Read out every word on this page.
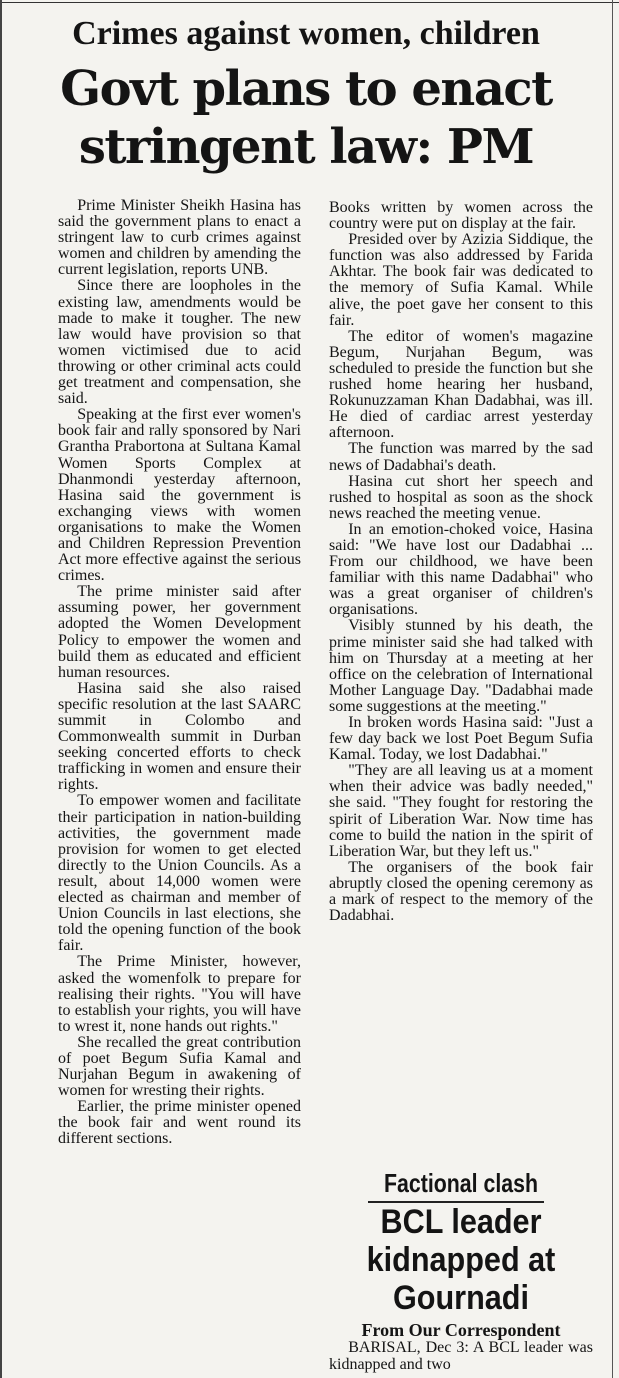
Crimes against women, children
Govt plans to enact stringent law: PM

Prime Minister Sheikh Hasina has said the government plans to enact a stringent law to curb crimes against women and children by amending the current legislation, reports UNB.

Since there are loopholes in the existing law, amendments would be made to make it tougher. The new law would have provision so that women victimised due to acid throwing or other criminal acts could get treatment and compensation, she said.

Speaking at the first ever women's book fair and rally sponsored by Nari Grantha Prabortona at Sultana Kamal Women Sports Complex at Dhanmondi yesterday afternoon, Hasina said the government is exchanging views with women organisations to make the Women and Children Repression Prevention Act more effective against the serious crimes.

The prime minister said after assuming power, her government adopted the Women Development Policy to empower the women and build them as educated and efficient human resources.

Hasina said she also raised specific resolution at the last SAARC summit in Colombo and Commonwealth summit in Durban seeking concerted efforts to check trafficking in women and ensure their rights.

To empower women and facilitate their participation in nation-building activities, the government made provision for women to get elected directly to the Union Councils. As a result, about 14,000 women were elected as chairman and member of Union Councils in last elections, she told the opening function of the book fair.

The Prime Minister, however, asked the womenfolk to prepare for realising their rights. "You will have to establish your rights, you will have to wrest it, none hands out rights."

She recalled the great contribution of poet Begum Sufia Kamal and Nurjahan Begum in awakening of women for wresting their rights.

Earlier, the prime minister opened the book fair and went round its different sections.

Books written by women across the country were put on display at the fair.

Presided over by Azizia Siddique, the function was also addressed by Farida Akhtar. The book fair was dedicated to the memory of Sufia Kamal. While alive, the poet gave her consent to this fair.

The editor of women's magazine Begum, Nurjahan Begum, was scheduled to preside the function but she rushed home hearing her husband, Rokunuzzaman Khan Dadabhai, was ill. He died of cardiac arrest yesterday afternoon.

The function was marred by the sad news of Dadabhai's death.

Hasina cut short her speech and rushed to hospital as soon as the shock news reached the meeting venue.

In an emotion-choked voice, Hasina said: "We have lost our Dadabhai ... From our childhood, we have been familiar with this name Dadabhai" who was a great organiser of children's organisations.

Visibly stunned by his death, the prime minister said she had talked with him on Thursday at a meeting at her office on the celebration of International Mother Language Day. "Dadabhai made some suggestions at the meeting."

In broken words Hasina said: "Just a few day back we lost Poet Begum Sufia Kamal. Today, we lost Dadabhai."

"They are all leaving us at a moment when their advice was badly needed," she said. "They fought for restoring the spirit of Liberation War. Now time has come to build the nation in the spirit of Liberation War, but they left us."

The organisers of the book fair abruptly closed the opening ceremony as a mark of respect to the memory of the Dadabhai.

Factional clash
BCL leader kidnapped at Gournadi
From Our Correspondent

BARISAL, Dec 3: A BCL leader was kidnapped and two
